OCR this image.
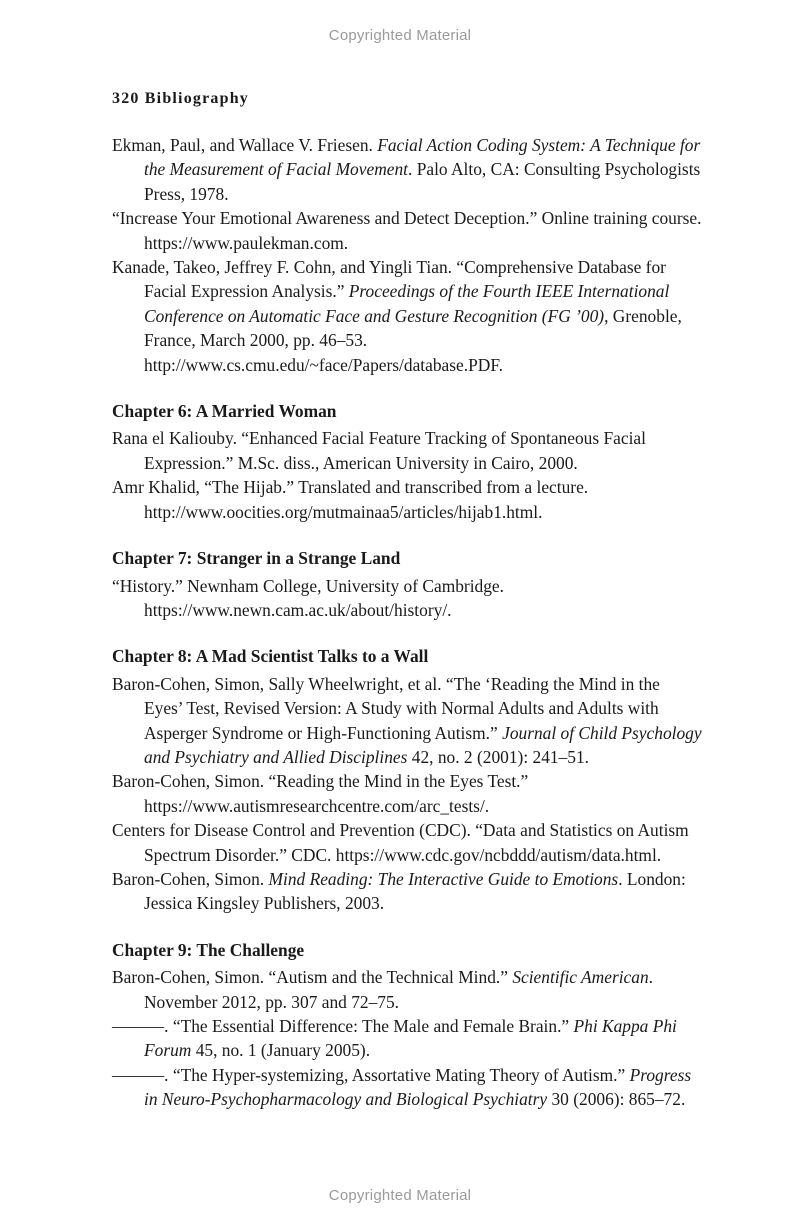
Copyrighted Material
320 Bibliography

Ekman, Paul, and Wallace V. Friesen. Facial Action Coding System: A Technique for the Measurement of Facial Movement. Palo Alto, CA: Consulting Psychologists Press, 1978.

“Increase Your Emotional Awareness and Detect Deception.” Online training course. https://www.paulekman.com.

Kanade, Takeo, Jeffrey F. Cohn, and Yingli Tian. “Comprehensive Database for Facial Expression Analysis.” Proceedings of the Fourth IEEE International Conference on Automatic Face and Gesture Recognition (FG ’00), Grenoble, France, March 2000, pp. 46–53. http://www.cs.cmu.edu/~face/Papers/database.PDF.

Chapter 6: A Married Woman

Rana el Kaliouby. “Enhanced Facial Feature Tracking of Spontaneous Facial Expression.” M.Sc. diss., American University in Cairo, 2000.

Amr Khalid, “The Hijab.” Translated and transcribed from a lecture. http://www.oocities.org/mutmainaa5/articles/hijab1.html.

Chapter 7: Stranger in a Strange Land

“History.” Newnham College, University of Cambridge. https://www.newn.cam.ac.uk/about/history/.

Chapter 8: A Mad Scientist Talks to a Wall

Baron-Cohen, Simon, Sally Wheelwright, et al. “The ‘Reading the Mind in the Eyes’ Test, Revised Version: A Study with Normal Adults and Adults with Asperger Syndrome or High-Functioning Autism.” Journal of Child Psychology and Psychiatry and Allied Disciplines 42, no. 2 (2001): 241–51.

Baron-Cohen, Simon. “Reading the Mind in the Eyes Test.” https://www.autismresearchcentre.com/arc_tests/.

Centers for Disease Control and Prevention (CDC). “Data and Statistics on Autism Spectrum Disorder.” CDC. https://www.cdc.gov/ncbddd/autism/data.html.

Baron-Cohen, Simon. Mind Reading: The Interactive Guide to Emotions. London: Jessica Kingsley Publishers, 2003.

Chapter 9: The Challenge

Baron-Cohen, Simon. “Autism and the Technical Mind.” Scientific American. November 2012, pp. 307 and 72–75.

———. “The Essential Difference: The Male and Female Brain.” Phi Kappa Phi Forum 45, no. 1 (January 2005).

———. “The Hyper-systemizing, Assortative Mating Theory of Autism.” Progress in Neuro-Psychopharmacology and Biological Psychiatry 30 (2006): 865–72.

Copyrighted Material
